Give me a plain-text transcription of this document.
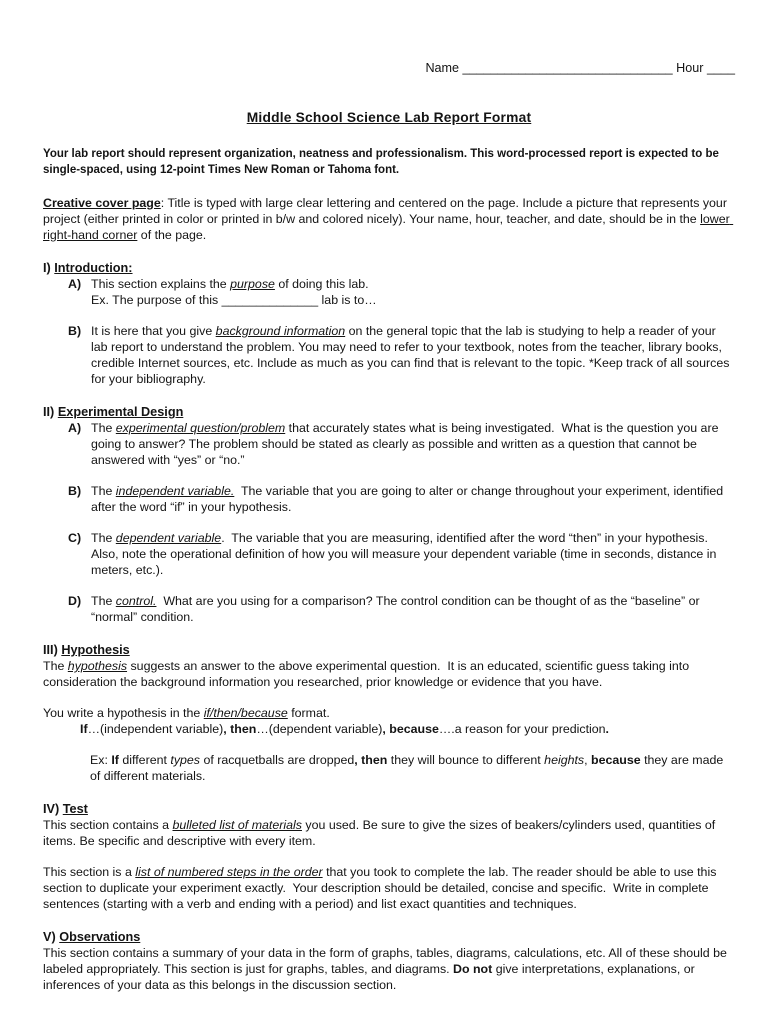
Name ______________________________ Hour ____

Middle School Science Lab Report Format
Your lab report should represent organization, neatness and professionalism. This word-processed report is expected to be single-spaced, using 12-point Times New Roman or Tahoma font.
Creative cover page: Title is typed with large clear lettering and centered on the page. Include a picture that represents your project (either printed in color or printed in b/w and colored nicely). Your name, hour, teacher, and date, should be in the lower right-hand corner of the page.
I) Introduction:
A) This section explains the purpose of doing this lab.
Ex. The purpose of this ______________ lab is to…
B) It is here that you give background information on the general topic that the lab is studying to help a reader of your lab report to understand the problem. You may need to refer to your textbook, notes from the teacher, library books, credible Internet sources, etc. Include as much as you can find that is relevant to the topic. *Keep track of all sources for your bibliography.
II) Experimental Design
A) The experimental question/problem that accurately states what is being investigated.  What is the question you are going to answer? The problem should be stated as clearly as possible and written as a question that cannot be answered with “yes” or “no.”
B) The independent variable.  The variable that you are going to alter or change throughout your experiment, identified after the word “if” in your hypothesis.
C) The dependent variable.  The variable that you are measuring, identified after the word “then” in your hypothesis. Also, note the operational definition of how you will measure your dependent variable (time in seconds, distance in meters, etc.).
D) The control.  What are you using for a comparison? The control condition can be thought of as the “baseline” or “normal” condition.
III) Hypothesis
The hypothesis suggests an answer to the above experimental question.  It is an educated, scientific guess taking into consideration the background information you researched, prior knowledge or evidence that you have.
You write a hypothesis in the if/then/because format.
If…(independent variable), then…(dependent variable), because….a reason for your prediction.
Ex: If different types of racquetballs are dropped, then they will bounce to different heights, because they are made of different materials.
IV) Test
This section contains a bulleted list of materials you used. Be sure to give the sizes of beakers/cylinders used, quantities of items. Be specific and descriptive with every item.
This section is a list of numbered steps in the order that you took to complete the lab. The reader should be able to use this section to duplicate your experiment exactly.  Your description should be detailed, concise and specific.  Write in complete sentences (starting with a verb and ending with a period) and list exact quantities and techniques.
V) Observations
This section contains a summary of your data in the form of graphs, tables, diagrams, calculations, etc. All of these should be labeled appropriately. This section is just for graphs, tables, and diagrams. Do not give interpretations, explanations, or inferences of your data as this belongs in the discussion section.
